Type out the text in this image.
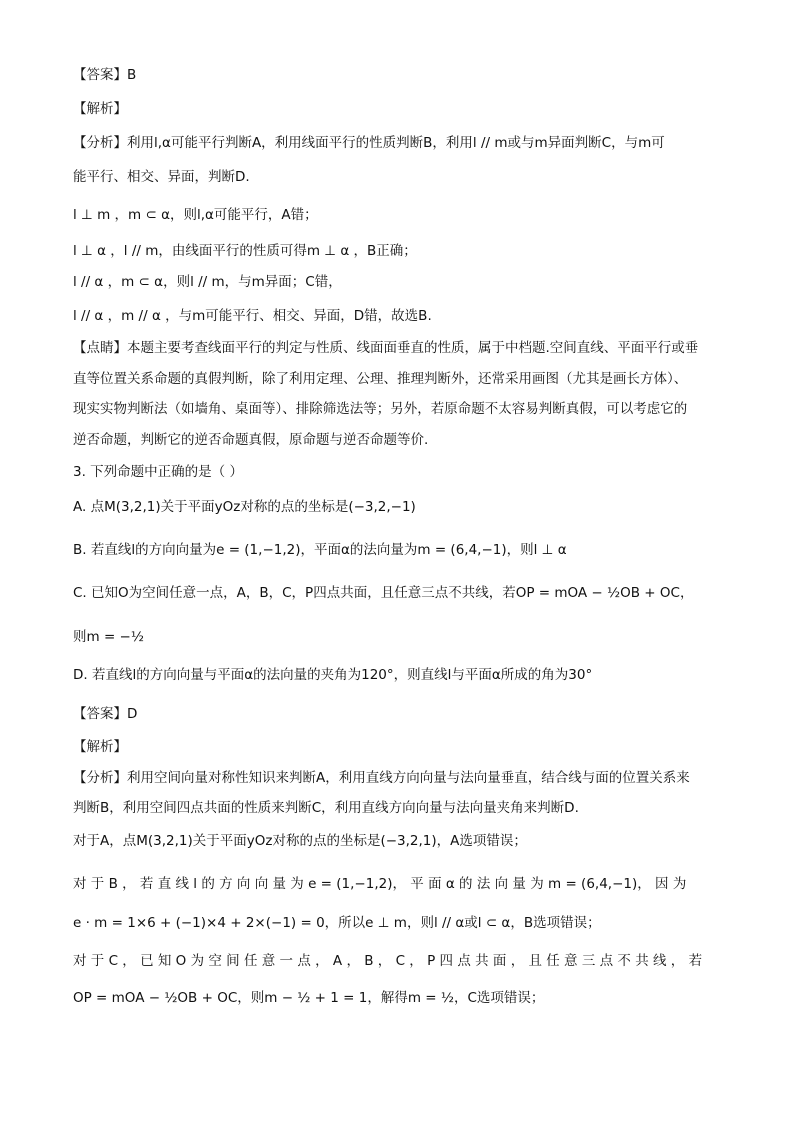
【答案】B
【解析】
【分析】利用l,α可能平行判断A，利用线面平行的性质判断B，利用l // m或与m异面判断C，与m可
能平行、相交、异面，判断D.
l ⊥ m ，m ⊂ α，则l,α可能平行，A错；
l ⊥ α ，l // m，由线面平行的性质可得m ⊥ α ，B正确；
l // α ，m ⊂ α，则l // m，与m异面；C错，
l // α ，m // α ，与m可能平行、相交、异面，D错，故选B.
【点睛】本题主要考查线面平行的判定与性质、线面面垂直的性质，属于中档题.空间直线、平面平行或垂
直等位置关系命题的真假判断，除了利用定理、公理、推理判断外，还常采用画图（尤其是画长方体）、
现实实物判断法（如墙角、桌面等）、排除筛选法等；另外，若原命题不太容易判断真假，可以考虑它的
逆否命题，判断它的逆否命题真假，原命题与逆否命题等价.
3. 下列命题中正确的是（ ）
A. 点M(3,2,1)关于平面yOz对称的点的坐标是(−3,2,−1)
B. 若直线l的方向向量为e = (1,−1,2)，平面α的法向量为m = (6,4,−1)，则l ⊥ α
C. 已知O为空间任意一点，A，B，C，P四点共面，且任意三点不共线，若OP = mOA − ½OB + OC，
则m = −½
D. 若直线l的方向向量与平面α的法向量的夹角为120°，则直线l与平面α所成的角为30°
【答案】D
【解析】
【分析】利用空间向量对称性知识来判断A，利用直线方向向量与法向量垂直，结合线与面的位置关系来
判断B，利用空间四点共面的性质来判断C，利用直线方向向量与法向量夹角来判断D.
对于A，点M(3,2,1)关于平面yOz对称的点的坐标是(−3,2,1)，A选项错误；
对 于 B ， 若 直 线 l 的 方 向 向 量 为 e = (1,−1,2)， 平 面 α 的 法 向 量 为 m = (6,4,−1)， 因 为
e · m = 1×6 + (−1)×4 + 2×(−1) = 0，所以e ⊥ m，则l // α或l ⊂ α，B选项错误；
对 于 C ， 已 知 O 为 空 间 任 意 一 点 ， A ， B ， C ， P 四 点 共 面 ， 且 任 意 三 点 不 共 线 ， 若
OP = mOA − ½OB + OC，则m − ½ + 1 = 1，解得m = ½，C选项错误；
